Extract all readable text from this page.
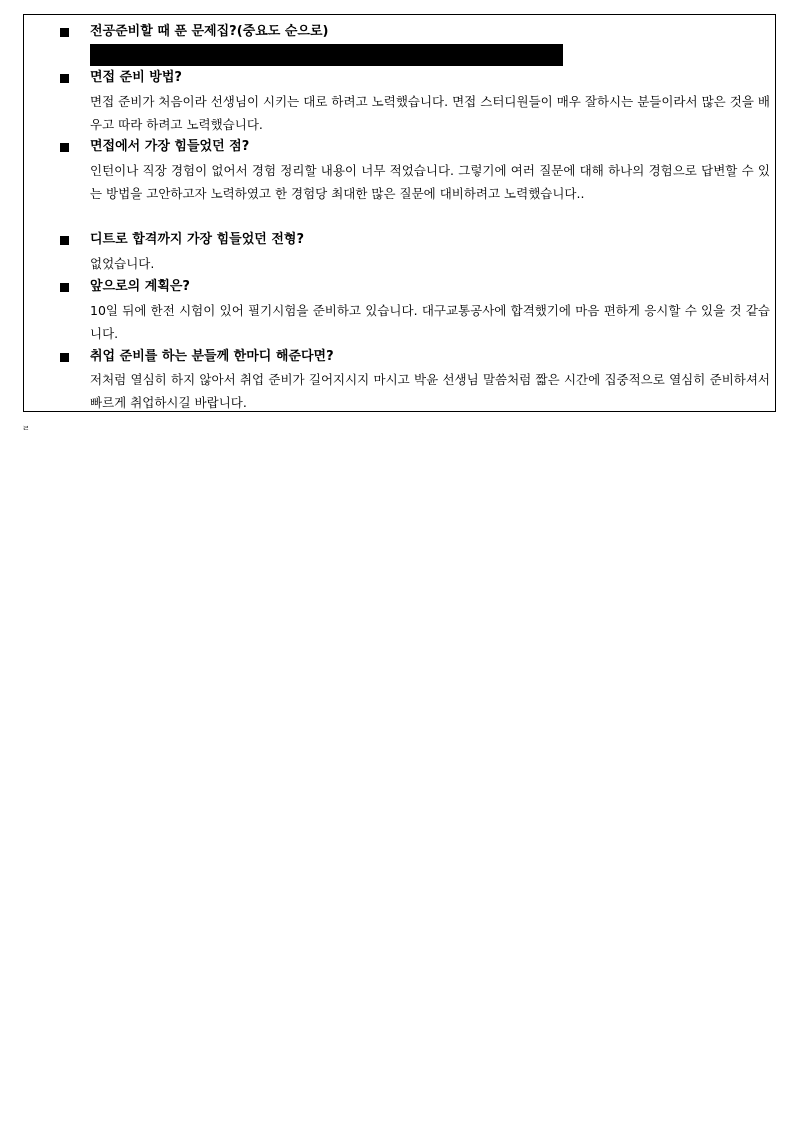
전공준비할 때 푼 문제집?(중요도 순으로)
면접 준비 방법?
면접 준비가 처음이라 선생님이 시키는 대로 하려고 노력했습니다. 면접 스터디원들이 매우 잘하시는 분들이라서 많은 것을 배우고 따라 하려고 노력했습니다.
면접에서 가장 힘들었던 점?
인턴이나 직장 경험이 없어서 경험 정리할 내용이 너무 적었습니다. 그렇기에 여러 질문에 대해 하나의 경험으로 답변할 수 있는 방법을 고안하고자 노력하였고 한 경험당 최대한 많은 질문에 대비하려고 노력했습니다..
디트로 합격까지 가장 힘들었던 전형?
없었습니다.
앞으로의 계획은?
10일 뒤에 한전 시험이 있어 필기시험을 준비하고 있습니다. 대구교통공사에 합격했기에 마음 편하게 응시할 수 있을 것 같습니다.
취업 준비를 하는 분들께 한마디 해준다면?
저처럼 열심히 하지 않아서 취업 준비가 길어지시지 마시고 박윤 선생님 말씀처럼 짧은 시간에 집중적으로 열심히 준비하셔서 빠르게 취업하시길 바랍니다.
ㄹ
